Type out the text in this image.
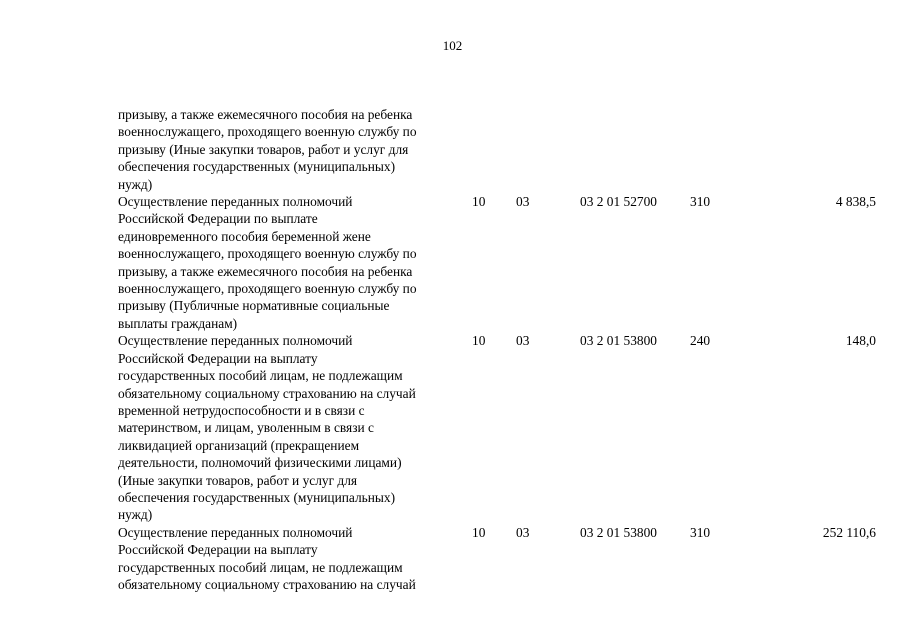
102
призыву, а также ежемесячного пособия на ребенка
военнослужащего, проходящего военную службу по
призыву (Иные закупки товаров, работ и услуг для
обеспечения государственных (муниципальных)
нужд)
Осуществление переданных полномочий
Российской Федерации по выплате
единовременного пособия беременной жене
военнослужащего, проходящего военную службу по
призыву, а также ежемесячного пособия на ребенка
военнослужащего, проходящего военную службу по
призыву (Публичные нормативные социальные
выплаты гражданам)
10 03	03 2 01 52700 310	4 838,5
Осуществление переданных полномочий
Российской Федерации на выплату
государственных пособий лицам, не подлежащим
обязательному социальному страхованию на случай
временной нетрудоспособности и в связи с
материнством, и лицам, уволенным в связи с
ликвидацией организаций (прекращением
деятельности, полномочий физическими лицами)
(Иные закупки товаров, работ и услуг для
обеспечения государственных (муниципальных)
нужд)
10 03	03 2 01 53800 240	148,0
Осуществление переданных полномочий
Российской Федерации на выплату
государственных пособий лицам, не подлежащим
обязательному социальному страхованию на случай
10 03	03 2 01 53800 310	252 110,6
